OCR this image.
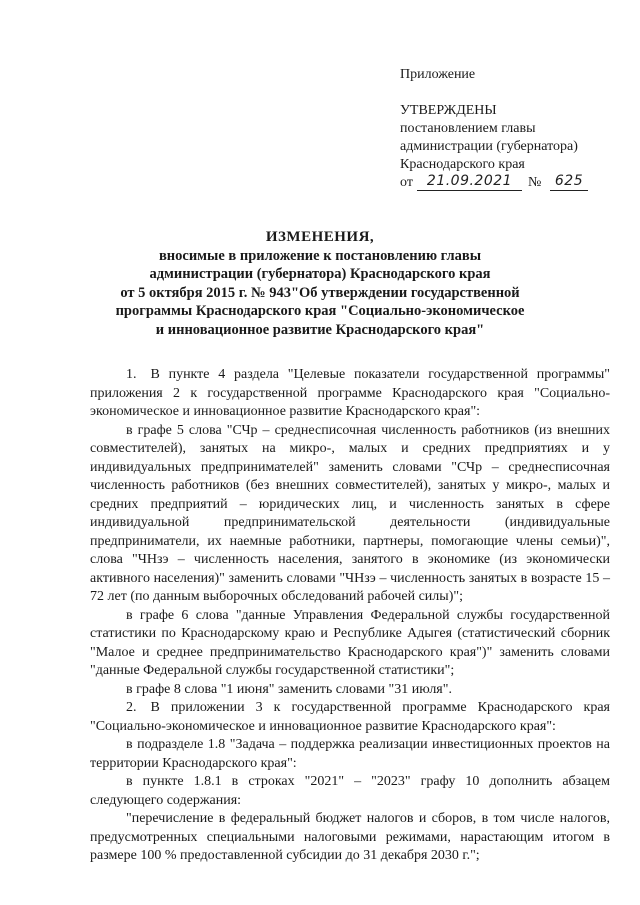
Приложение
УТВЕРЖДЕНЫ
постановлением главы
администрации (губернатора)
Краснодарского края
от 21.09.2021	№ 625
ИЗМЕНЕНИЯ,
вносимые в приложение к постановлению главы
администрации (губернатора) Краснодарского края
от 5 октября 2015 г. № 943"Об утверждении государственной
программы Краснодарского края "Социально-экономическое
и инновационное развитие Краснодарского края"

1. В пункте 4 раздела "Целевые показатели государственной программы" приложения 2 к государственной программе Краснодарского края "Социально-экономическое и инновационное развитие Краснодарского края":

в графе 5 слова "СЧр – среднесписочная численность работников (из внешних совместителей), занятых на микро-, малых и средних предприятиях и у индивидуальных предпринимателей" заменить словами "СЧр – среднесписочная численность работников (без внешних совместителей), занятых у микро-, малых и средних предприятий – юридических лиц, и численность занятых в сфере индивидуальной предпринимательской деятельности (индивидуальные предприниматели, их наемные работники, партнеры, помогающие члены семьи)", слова "ЧНзэ – численность населения, занятого в экономике (из экономически активного населения)" заменить словами "ЧНзэ – численность занятых в возрасте 15 – 72 лет (по данным выборочных обследований рабочей силы)";

в графе 6 слова "данные Управления Федеральной службы государственной статистики по Краснодарскому краю и Республике Адыгея (статистический сборник "Малое и среднее предпринимательство Краснодарского края")" заменить словами "данные Федеральной службы государственной статистики";

в графе 8 слова "1 июня" заменить словами "31 июля".

2. В приложении 3 к государственной программе Краснодарского края "Социально-экономическое и инновационное развитие Краснодарского края":

в подразделе 1.8 "Задача – поддержка реализации инвестиционных проектов на территории Краснодарского края":

в пункте 1.8.1 в строках "2021" – "2023" графу 10 дополнить абзацем следующего содержания:

"перечисление в федеральный бюджет налогов и сборов, в том числе налогов, предусмотренных специальными налоговыми режимами, нарастающим итогом в размере 100 % предоставленной субсидии до 31 декабря 2030 г.";
